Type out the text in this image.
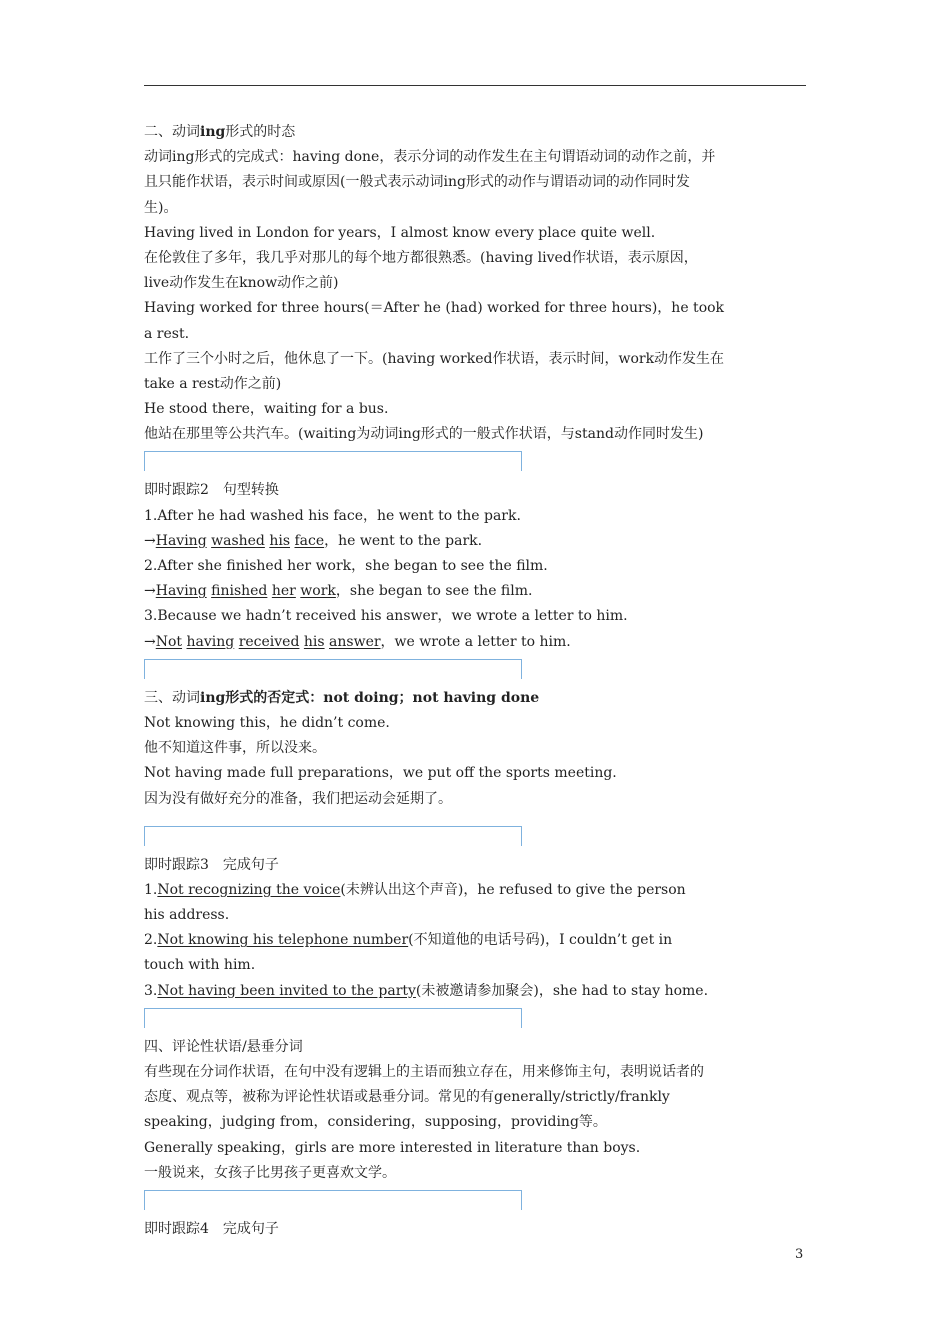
二、动词ing形式的时态
动词ing形式的完成式：having done，表示分词的动作发生在主句谓语动词的动作之前，并
且只能作状语，表示时间或原因(一般式表示动词ing形式的动作与谓语动词的动作同时发
生)。
Having lived in London for years，I almost know every place quite well.
在伦敦住了多年，我几乎对那儿的每个地方都很熟悉。(having lived作状语，表示原因，
live动作发生在know动作之前)
Having worked for three hours(＝After he (had) worked for three hours)，he took
a rest.
工作了三个小时之后，他休息了一下。(having worked作状语，表示时间，work动作发生在
take a rest动作之前)
He stood there，waiting for a bus.
他站在那里等公共汽车。(waiting为动词ing形式的一般式作状语，与stand动作同时发生)
即时跟踪2　句型转换
1.After he had washed his face，he went to the park.
→Having washed his face，he went to the park.
2.After she finished her work，she began to see the film.
→Having finished her work，she began to see the film.
3.Because we hadn’t received his answer，we wrote a letter to him.
→Not having received his answer，we wrote a letter to him.
三、动词ing形式的否定式：not doing；not having done
Not knowing this，he didn’t come.
他不知道这件事，所以没来。
Not having made full preparations，we put off the sports meeting.
因为没有做好充分的准备，我们把运动会延期了。
即时跟踪3　完成句子
1.Not recognizing the voice(未辨认出这个声音)，he refused to give the person
his address.
2.Not knowing his telephone number(不知道他的电话号码)，I couldn’t get in
touch with him.
3.Not having been invited to the party(未被邀请参加聚会)，she had to stay home.
四、评论性状语/悬垂分词
有些现在分词作状语，在句中没有逻辑上的主语而独立存在，用来修饰主句，表明说话者的
态度、观点等，被称为评论性状语或悬垂分词。常见的有generally/strictly/frankly
speaking，judging from，considering，supposing，providing等。
Generally speaking，girls are more interested in literature than boys.
一般说来，女孩子比男孩子更喜欢文学。
即时跟踪4　完成句子
3
